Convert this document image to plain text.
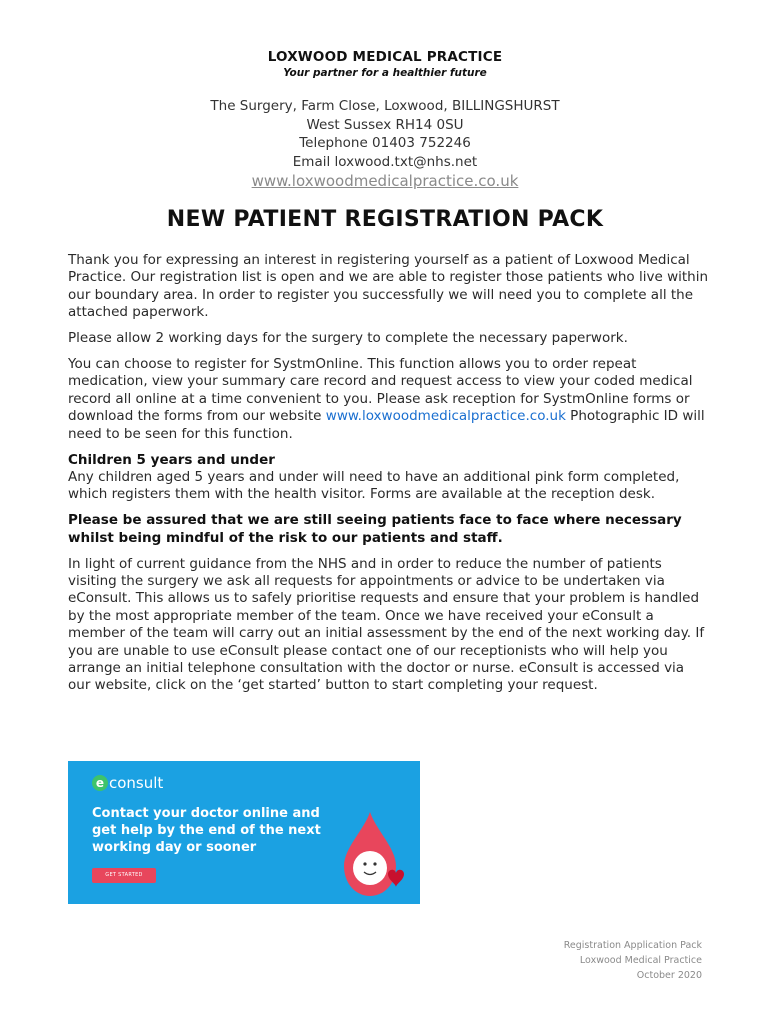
LOXWOOD MEDICAL PRACTICE
Your partner for a healthier future
The Surgery, Farm Close, Loxwood, BILLINGSHURST
West Sussex RH14 0SU
Telephone 01403 752246
Email loxwood.txt@nhs.net
www.loxwoodmedicalpractice.co.uk
NEW PATIENT REGISTRATION PACK

Thank you for expressing an interest in registering yourself as a patient of Loxwood Medical Practice. Our registration list is open and we are able to register those patients who live within our boundary area. In order to register you successfully we will need you to complete all the attached paperwork.

Please allow 2 working days for the surgery to complete the necessary paperwork.

You can choose to register for SystmOnline. This function allows you to order repeat medication, view your summary care record and request access to view your coded medical record all online at a time convenient to you. Please ask reception for SystmOnline forms or download the forms from our website www.loxwoodmedicalpractice.co.uk Photographic ID will need to be seen for this function.

Children 5 years and under
Any children aged 5 years and under will need to have an additional pink form completed, which registers them with the health visitor. Forms are available at the reception desk.

Please be assured that we are still seeing patients face to face where necessary whilst being mindful of the risk to our patients and staff.

In light of current guidance from the NHS and in order to reduce the number of patients visiting the surgery we ask all requests for appointments or advice to be undertaken via eConsult. This allows us to safely prioritise requests and ensure that your problem is handled by the most appropriate member of the team. Once we have received your eConsult a member of the team will carry out an initial assessment by the end of the next working day. If you are unable to use eConsult please contact one of our receptionists who will help you arrange an initial telephone consultation with the doctor or nurse. eConsult is accessed via our website, click on the ‘get started’ button to start completing your request.

e consult
Contact your doctor online and get help by the end of the next working day or sooner
GET STARTED
Registration Application Pack
Loxwood Medical Practice
October 2020
